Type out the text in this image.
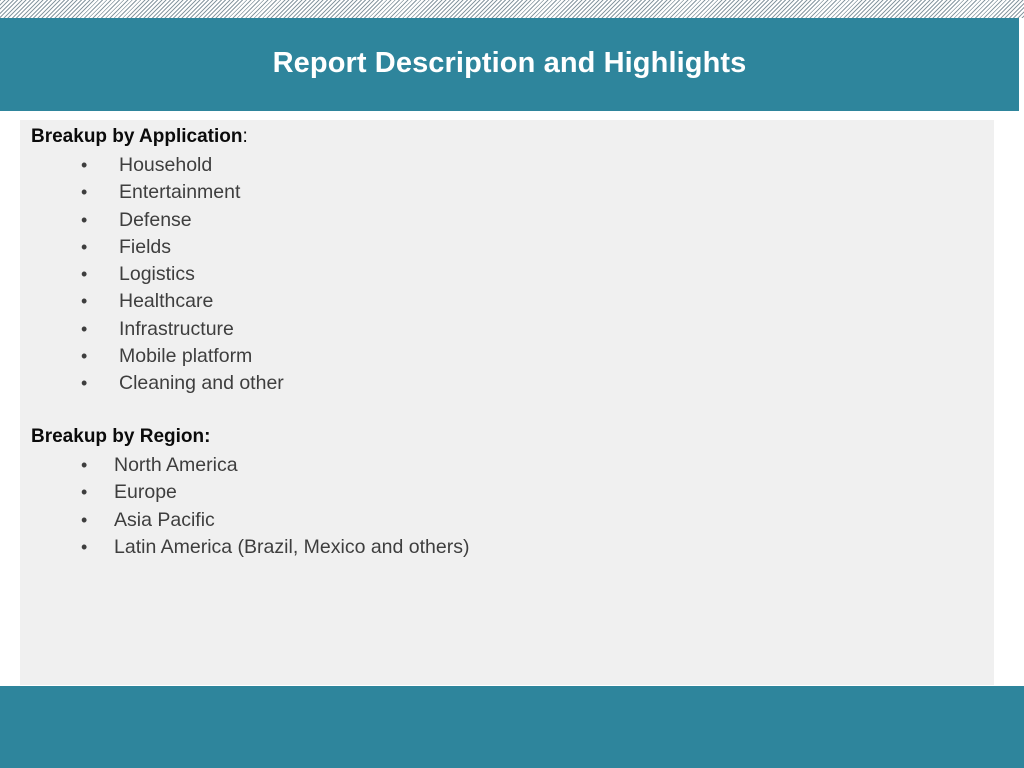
Report Description and Highlights
Breakup by Application:
• Household
• Entertainment
• Defense
• Fields
• Logistics
• Healthcare
• Infrastructure
• Mobile platform
• Cleaning and other
Breakup by Region:
• North America
• Europe
• Asia Pacific
• Latin America (Brazil, Mexico and others)
